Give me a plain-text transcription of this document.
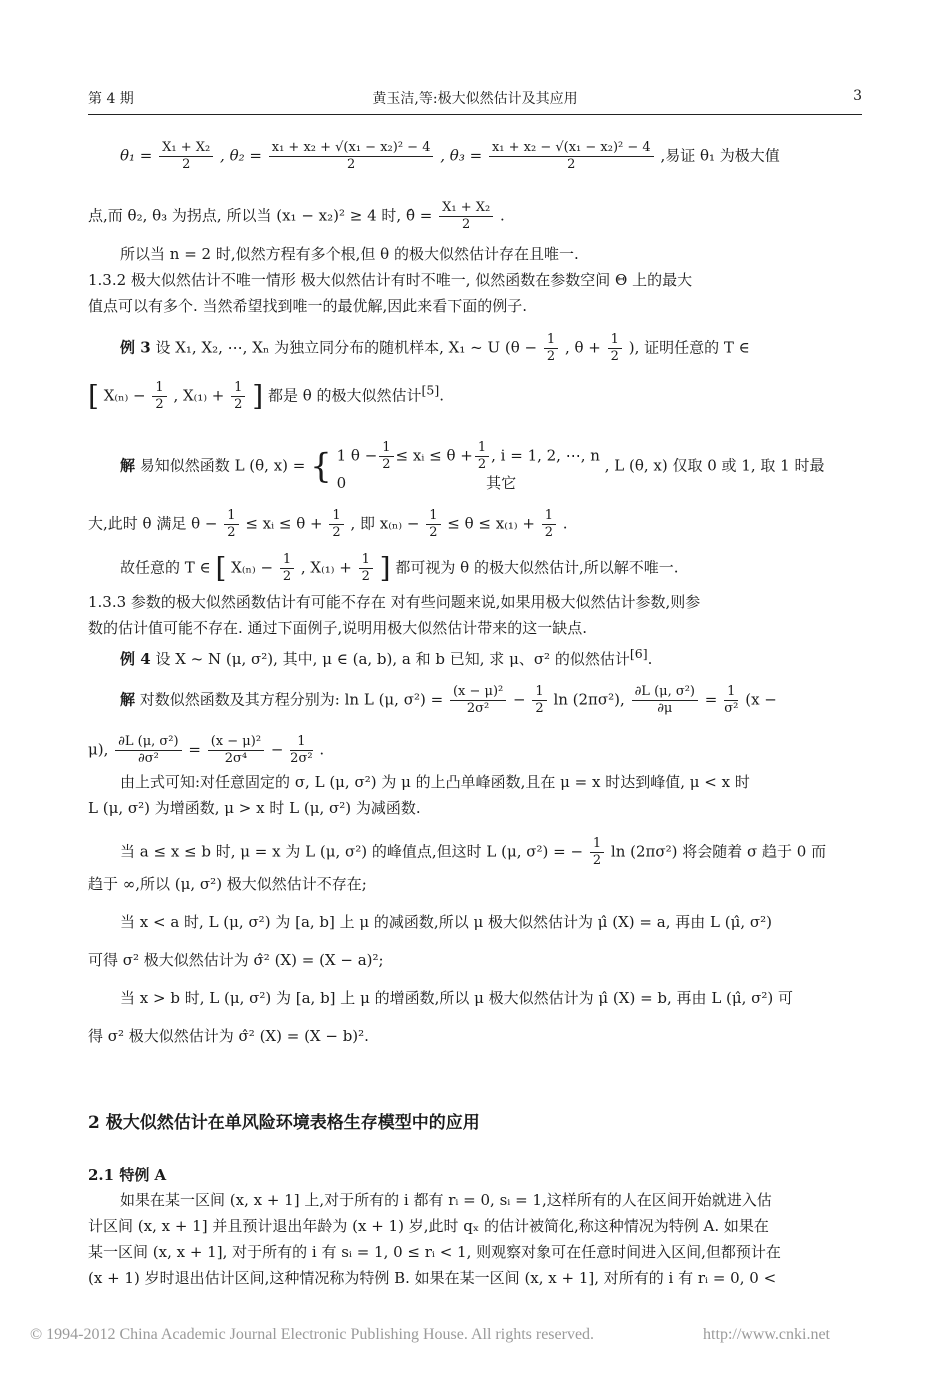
第 4 期	黄玉洁,等:极大似然估计及其应用	3
$\theta_1 = \frac{\text{X₁ + X₂}}{2}$ , $\theta_2 = \frac{\text{x₁ + x₂ + √(x₁ − x₂)² − 4}}{2}$ , $\theta_3 = \frac{\text{x₁ + x₂ − √(x₁ − x₂)² − 4}}{2}$ ,易证 θ₁ 为极大值
点,而 θ₂, θ₃ 为拐点, 所以当 (x₁ − x₂)² ≥ 4 时, θ̂ = $\frac{\text{X₁ + X₂}}{2}$ .
所以当 n = 2 时,似然方程有多个根,但 θ 的极大似然估计存在且唯一.
1.3.2 极大似然估计不唯一情形 极大似然估计有时不唯一, 似然函数在参数空间 Θ 上的最大
值点可以有多个. 当然希望找到唯一的最优解,因此来看下面的例子.
例 3 设 X₁, X₂, ⋯, Xₙ 为独立同分布的随机样本, X₁ ~ U ($\theta - \frac{1}{2}$ , $\theta + \frac{1}{2}$ ), 证明任意的 T ∈
[ $X_{(n)} - \frac{1}{2}$ , $X_{(1)} + \frac{1}{2}$ ] 都是 θ 的极大似然估计[5].
解 易知似然函数 L (θ, x) = { 1 $\theta - \frac{1}{2}$ ≤ xᵢ ≤ $\theta + \frac{1}{2}$ , i = 1, 2, ⋯, n
0	其它
, L (θ, x) 仅取 0 或 1, 取 1 时最
大,此时 θ 满足 $\theta - \frac{1}{2}$ ≤ xᵢ ≤ $\theta + \frac{1}{2}$ , 即 $x_{(n)} - \frac{1}{2} \le \theta \le x_{(1)} + \frac{1}{2}$ .
故任意的 T ∈ [ $X_{(n)} - \frac{1}{2}$ , $X_{(1)} + \frac{1}{2}$ ] 都可视为 θ 的极大似然估计,所以解不唯一.
1.3.3 参数的极大似然函数估计有可能不存在 对有些问题来说,如果用极大似然估计参数,则参
数的估计值可能不存在. 通过下面例子,说明用极大似然估计带来的这一缺点.
例 4 设 X ~ N (μ, σ²), 其中, μ ∈ (a, b), a 和 b 已知, 求 μ、σ² 的似然估计[6].
解 对数似然函数及其方程分别为: ln L (μ, $\sigma^2) = \frac{\text{(x − μ)²}}{\text{2σ²}} - \frac{1}{2}$ ln (2πσ²), $\frac{\text{∂L (μ, σ²)}}{\partial\mu} = \frac{1}{\text{σ²}} (x$ −
μ), $\frac{\text{∂L (μ, σ²)}}{\text{∂σ²}} = \frac{\text{(x − μ)²}}{\text{2σ⁴}} - \frac{1}{\text{2σ²}}$ .
由上式可知:对任意固定的 σ, L (μ, σ²) 为 μ 的上凸单峰函数,且在 μ = x 时达到峰值, μ < x 时
L (μ, σ²) 为增函数, μ > x 时 L (μ, σ²) 为减函数.
当 a ≤ x ≤ b 时, μ = x 为 L (μ, σ²) 的峰值点,但这时 L (μ, σ²) = − $\frac{1}{2}$ ln (2πσ²) 将会随着 σ 趋于 0 而
趋于 ∞,所以 (μ, σ²) 极大似然估计不存在;
当 x < a 时, L (μ, σ²) 为 [a, b] 上 μ 的减函数,所以 μ 极大似然估计为 μ̂ (X) = a, 再由 L (μ̂, σ²)
可得 σ² 极大似然估计为 σ̂² (X) = (X − a)²;
当 x > b 时, L (μ, σ²) 为 [a, b] 上 μ 的增函数,所以 μ 极大似然估计为 μ̂ (X) = b, 再由 L (μ̂, σ²) 可
得 σ² 极大似然估计为 σ̂² (X) = (X − b)².
2 极大似然估计在单风险环境表格生存模型中的应用
2.1 特例 A
如果在某一区间 (x, x + 1] 上,对于所有的 i 都有 rᵢ = 0, sᵢ = 1,这样所有的人在区间开始就进入估
计区间 (x, x + 1] 并且预计退出年龄为 (x + 1) 岁,此时 qₓ 的估计被简化,称这种情况为特例 A. 如果在
某一区间 (x, x + 1], 对于所有的 i 有 sᵢ = 1, 0 ≤ rᵢ < 1, 则观察对象可在任意时间进入区间,但都预计在
(x + 1) 岁时退出估计区间,这种情况称为特例 B. 如果在某一区间 (x, x + 1], 对所有的 i 有 rᵢ = 0, 0 <
© 1994-2012 China Academic Journal Electronic Publishing House. All rights reserved.	http://www.cnki.net
